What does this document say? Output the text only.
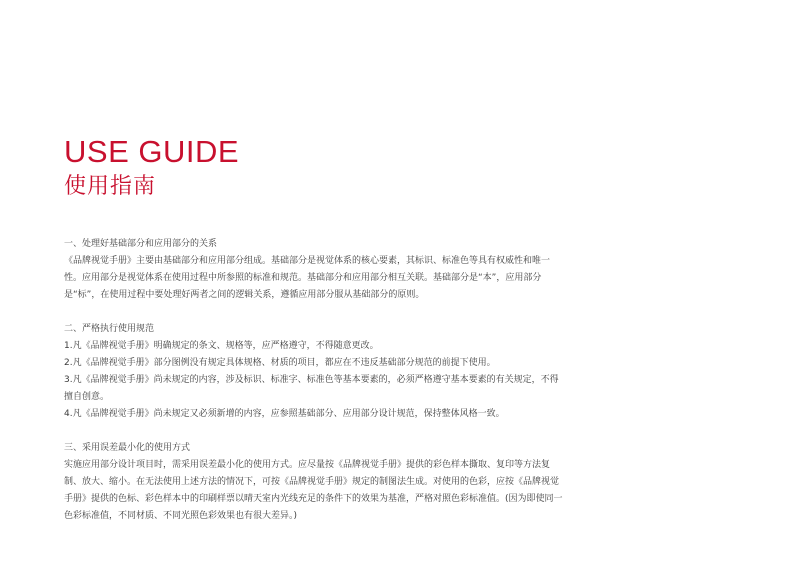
USE GUIDE
使用指南

一、处理好基础部分和应用部分的关系

《品牌视觉手册》主要由基础部分和应用部分组成。基础部分是视觉体系的核心要素，其标识、标准色等具有权威性和唯一性。应用部分是视觉体系在使用过程中所参照的标准和规范。基础部分和应用部分相互关联。基础部分是“本”，应用部分是“标”，在使用过程中要处理好两者之间的逻辑关系，遵循应用部分服从基础部分的原则。

二、严格执行使用规范

1.凡《品牌视觉手册》明确规定的条文、规格等，应严格遵守，不得随意更改。

2.凡《品牌视觉手册》部分图例没有规定具体规格、材质的项目，都应在不违反基础部分规范的前提下使用。

3.凡《品牌视觉手册》尚未规定的内容，涉及标识、标准字、标准色等基本要素的，必须严格遵守基本要素的有关规定，不得擅自创意。

4.凡《品牌视觉手册》尚未规定又必须新增的内容，应参照基础部分、应用部分设计规范，保持整体风格一致。

三、采用误差最小化的使用方式

实施应用部分设计项目时，需采用误差最小化的使用方式。应尽量按《品牌视觉手册》提供的彩色样本撕取、复印等方法复制、放大、缩小。在无法使用上述方法的情况下，可按《品牌视觉手册》规定的制图法生成。对使用的色彩，应按《品牌视觉手册》提供的色标、彩色样本中的印刷样票以晴天室内光线充足的条件下的效果为基准，严格对照色彩标准值。(因为即使同一色彩标准值，不同材质、不同光照色彩效果也有很大差异。)
